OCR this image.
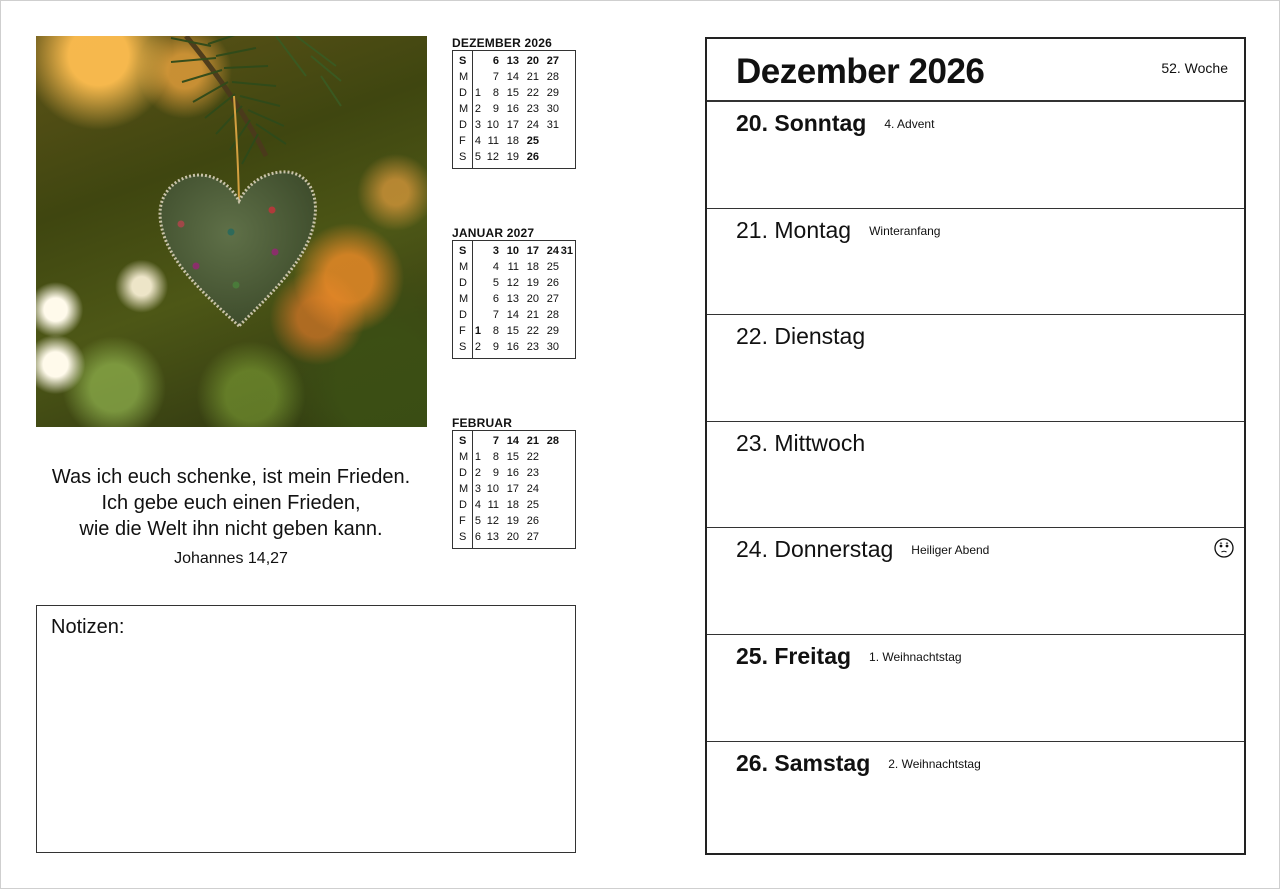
Was ich euch schenke, ist mein Frieden.
Ich gebe euch einen Frieden,
wie die Welt ihn nicht geben kann.
Johannes 14,27
DEZEMBER 2026
S	6 13 20 27
M	7 14 21 28
D 1	8 15 22 29
M 2	9 16 23 30
D 3 10 17 24 31
F 4 11 18 25
S 5 12 19 26
JANUAR 2027
S	3 10 17 24 31
M	4 11 18 25
D	5 12 19 26
M	6 13 20 27
D	7 14 21 28
F 1	8 15 22 29
S 2	9 16 23 30
FEBRUAR
S	7 14 21 28
M 1	8 15 22
D 2	9 16 23
M 3 10 17 24
D 4 11 18 25
F 5 12 19 26
S 6 13 20 27
Notizen:
Dezember 2026	52. Woche
20. Sonntag 4. Advent
21. Montag Winteranfang
22. Dienstag
23. Mittwoch
24. Donnerstag Heiliger Abend
25. Freitag 1. Weihnachtstag
26. Samstag 2. Weihnachtstag
